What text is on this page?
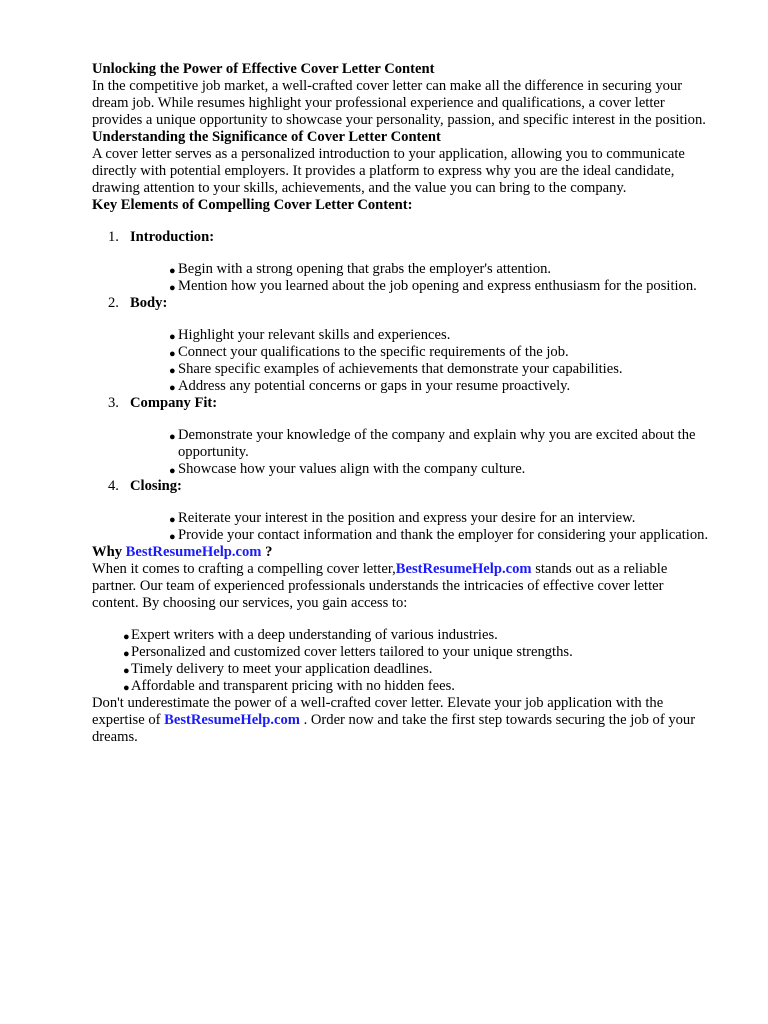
Unlocking the Power of Effective Cover Letter Content

In the competitive job market, a well-crafted cover letter can make all the difference in securing your dream job. While resumes highlight your professional experience and qualifications, a cover letter provides a unique opportunity to showcase your personality, passion, and specific interest in the position.

Understanding the Significance of Cover Letter Content

A cover letter serves as a personalized introduction to your application, allowing you to communicate directly with potential employers. It provides a platform to express why you are the ideal candidate, drawing attention to your skills, achievements, and the value you can bring to the company.

Key Elements of Compelling Cover Letter Content:
1. Introduction:
● Begin with a strong opening that grabs the employer's attention.
● Mention how you learned about the job opening and express enthusiasm for the position.
2. Body:
● Highlight your relevant skills and experiences.
● Connect your qualifications to the specific requirements of the job.
● Share specific examples of achievements that demonstrate your capabilities.
● Address any potential concerns or gaps in your resume proactively.
3. Company Fit:
● Demonstrate your knowledge of the company and explain why you are excited about the opportunity.
● Showcase how your values align with the company culture.
4. Closing:
● Reiterate your interest in the position and express your desire for an interview.
● Provide your contact information and thank the employer for considering your application.
Why BestResumeHelp.com ?

When it comes to crafting a compelling cover letter,BestResumeHelp.com stands out as a reliable partner. Our team of experienced professionals understands the intricacies of effective cover letter content. By choosing our services, you gain access to:

● Expert writers with a deep understanding of various industries.
● Personalized and customized cover letters tailored to your unique strengths.
● Timely delivery to meet your application deadlines.
● Affordable and transparent pricing with no hidden fees.

Don't underestimate the power of a well-crafted cover letter. Elevate your job application with the expertise of BestResumeHelp.com . Order now and take the first step towards securing the job of your dreams.
